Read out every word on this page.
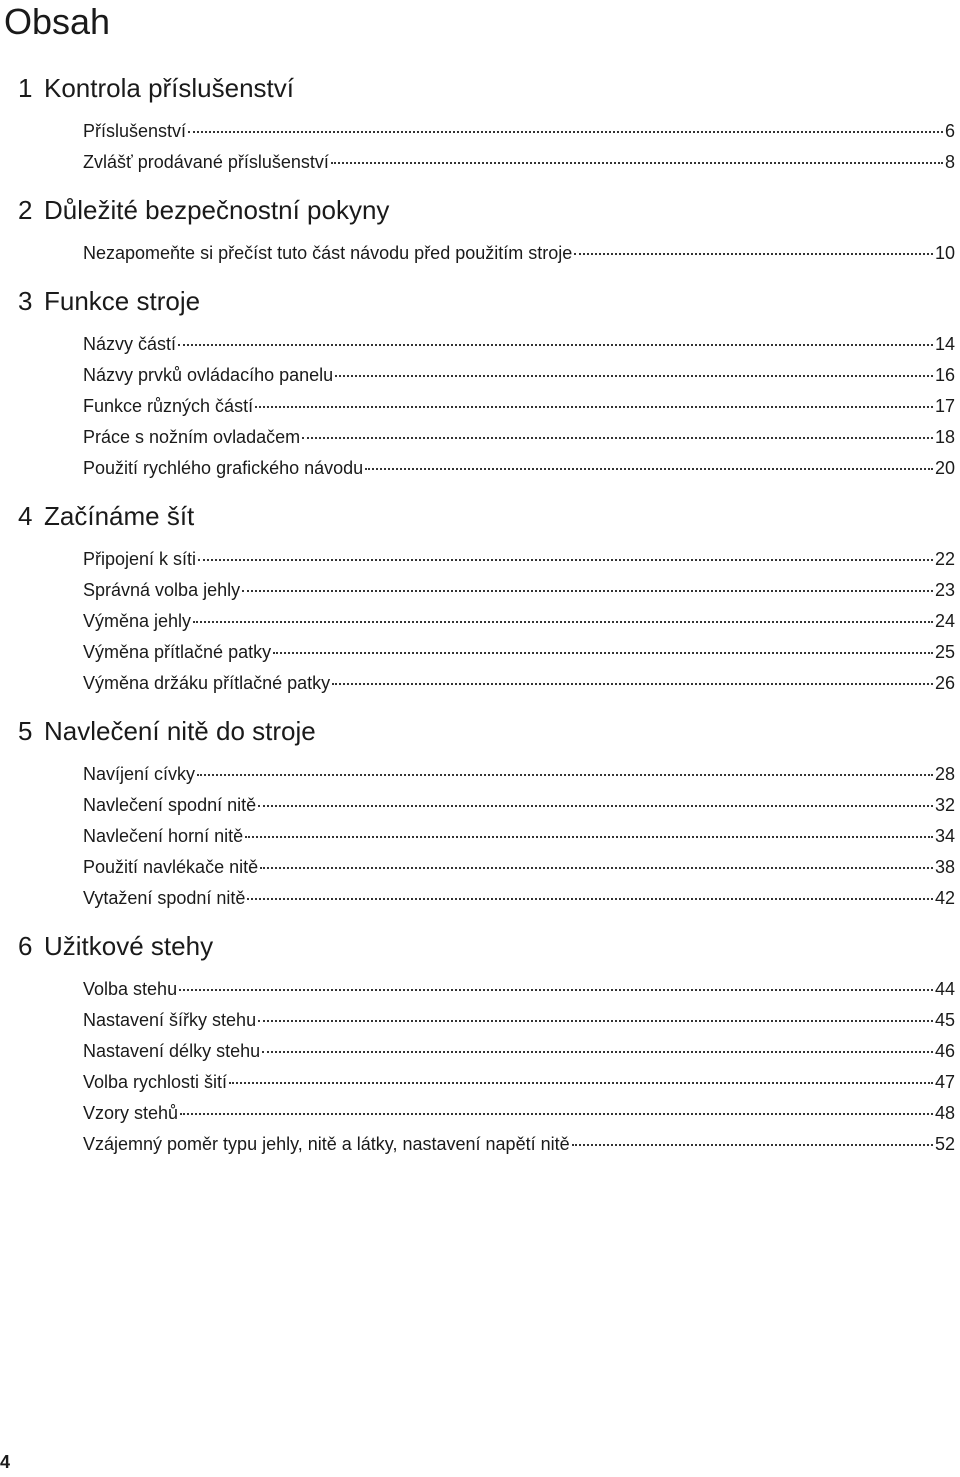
Obsah
1 Kontrola příslušenství
Příslušenství	6
Zvlášť prodávané příslušenství	8
2 Důležité bezpečnostní pokyny
Nezapomeňte si přečíst tuto část návodu před použitím stroje	10
3 Funkce stroje
Názvy částí	14
Názvy prvků ovládacího panelu	16
Funkce různých částí	17
Práce s nožním ovladačem	18
Použití rychlého grafického návodu	20
4 Začínáme šít
Připojení k síti	22
Správná volba jehly	23
Výměna jehly	24
Výměna přítlačné patky	25
Výměna držáku přítlačné patky	26
5 Navlečení nitě do stroje
Navíjení cívky	28
Navlečení spodní nitě	32
Navlečení horní nitě	34
Použití navlékače nitě	38
Vytažení spodní nitě	42
6 Užitkové stehy
Volba stehu	44
Nastavení šířky stehu	45
Nastavení délky stehu	46
Volba rychlosti šití	47
Vzory stehů	48
Vzájemný poměr typu jehly, nitě a látky, nastavení napětí nitě	52
4
